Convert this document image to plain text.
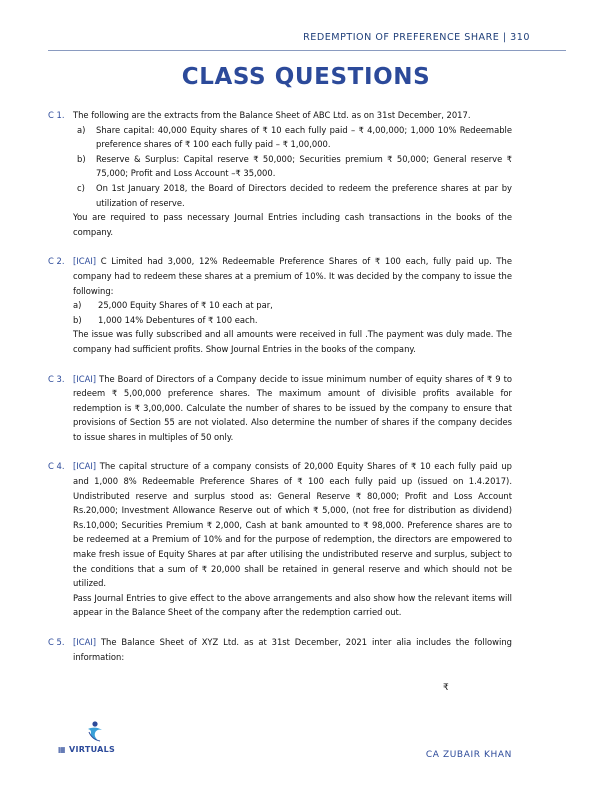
REDEMPTION OF PREFERENCE SHARE | 310
CLASS QUESTIONS
C 1. The following are the extracts from the Balance Sheet of ABC Ltd. as on 31st December, 2017.
a) Share capital: 40,000 Equity shares of ₹ 10 each fully paid – ₹ 4,00,000; 1,000 10% Redeemable preference shares of ₹ 100 each fully paid – ₹ 1,00,000.
b) Reserve & Surplus: Capital reserve ₹ 50,000; Securities premium ₹ 50,000; General reserve ₹ 75,000; Profit and Loss Account –₹ 35,000.
c) On 1st January 2018, the Board of Directors decided to redeem the preference shares at par by utilization of reserve.
You are required to pass necessary Journal Entries including cash transactions in the books of the company.
C 2. [ICAI] C Limited had 3,000, 12% Redeemable Preference Shares of ₹ 100 each, fully paid up. The company had to redeem these shares at a premium of 10%. It was decided by the company to issue the following:
a) 25,000 Equity Shares of ₹ 10 each at par,
b) 1,000 14% Debentures of ₹ 100 each.
The issue was fully subscribed and all amounts were received in full .The payment was duly made. The company had sufficient profits. Show Journal Entries in the books of the company.
C 3. [ICAI] The Board of Directors of a Company decide to issue minimum number of equity shares of ₹ 9 to redeem ₹ 5,00,000 preference shares. The maximum amount of divisible profits available for redemption is ₹ 3,00,000. Calculate the number of shares to be issued by the company to ensure that provisions of Section 55 are not violated. Also determine the number of shares if the company decides to issue shares in multiples of 50 only.
C 4. [ICAI] The capital structure of a company consists of 20,000 Equity Shares of ₹ 10 each fully paid up and 1,000 8% Redeemable Preference Shares of ₹ 100 each fully paid up (issued on 1.4.2017). Undistributed reserve and surplus stood as: General Reserve ₹ 80,000; Profit and Loss Account Rs.20,000; Investment Allowance Reserve out of which ₹ 5,000, (not free for distribution as dividend) Rs.10,000; Securities Premium ₹ 2,000, Cash at bank amounted to ₹ 98,000. Preference shares are to be redeemed at a Premium of 10% and for the purpose of redemption, the directors are empowered to make fresh issue of Equity Shares at par after utilising the undistributed reserve and surplus, subject to the conditions that a sum of ₹ 20,000 shall be retained in general reserve and which should not be utilized.
Pass Journal Entries to give effect to the above arrangements and also show how the relevant items will appear in the Balance Sheet of the company after the redemption carried out.
C 5. [ICAI] The Balance Sheet of XYZ Ltd. as at 31st December, 2021 inter alia includes the following information:
₹
▦ VIRTUALS
CA ZUBAIR KHAN
